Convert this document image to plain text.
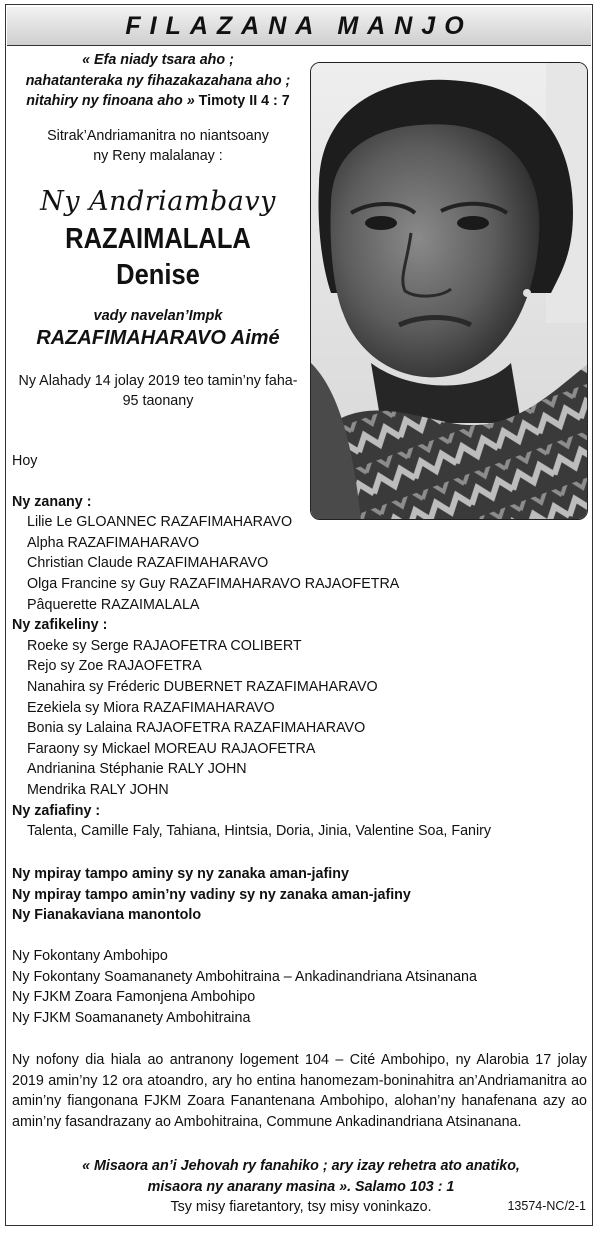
FILAZANA MANJO
« Efa niady tsara aho ;
nahatanteraka ny fihazakazahana aho ;
nitahiry ny finoana aho » Timoty II 4 : 7
Sitrak’Andriamanitra no niantsoany
ny Reny malalanay :
Ny Andriambavy
RAZAIMALALA
Denise
vady navelan’Ітрk
RAZAFIMAHARAVO Aimé
Ny Alahady 14 jolay 2019 teo tamin’ny faha-
95 taonany
Hoy
Ny zanany :
Lilie Le GLOANNEC RAZAFIMAHARAVO
Alpha RAZAFIMAHARAVO
Christian Claude RAZAFIMAHARAVO
Olga Francine sy Guy RAZAFIMAHARAVO RAJAOFETRA
Pâquerette RAZAIMALALA
Ny zafikeliny :
Roeke sy Serge RAJAOFETRA COLIBERT
Rejo sy Zoe RAJAOFETRA
Nanahira sy Fréderic DUBERNET RAZAFIMAHARAVO
Ezekiela sy Miora RAZAFIMAHARAVO
Bonia sy Lalaina RAJAOFETRA RAZAFIMAHARAVO
Faraony sy Mickael MOREAU RAJAOFETRA
Andrianina Stéphanie RALY JOHN
Mendrika RALY JOHN
Ny zafiafiny :
Talenta, Camille Faly, Tahiana, Hintsia, Doria, Jinia, Valentine Soa, Faniry
Ny mpiray tampo aminy sy ny zanaka aman-jafiny
Ny mpiray tampo amin’ny vadiny sy ny zanaka aman-jafiny
Ny Fianakaviana manontolo
Ny Fokontany Ambohipo
Ny Fokontany Soamananety Ambohitraina – Ankadinandriana Atsinanana
Ny FJKM Zoara Famonjena Ambohipo
Ny FJKM Soamananety Ambohitraina
Ny nofony dia hiala ao antranony logement 104 – Cité Ambohipo, ny Alarobia 17 jolay 2019 amin’ny 12 ora atoandro, ary ho entina hanomezam-boninahitra an’Andriamanitra ao amin’ny fiangonana FJKM Zoara Fanantenana Ambohipo, alohan’ny hanafenana azy ao amin’ny fasandrazany ao Ambohitraina, Commune Ankadinandriana Atsinanana.
« Misaora an’i Jehovah ry fanahiko ; ary izay rehetra ato anatiko,
misaora ny anarany masina ». Salamo 103 : 1
Tsy misy fiaretantory, tsy misy voninkazo.	13574-NC/2-1
